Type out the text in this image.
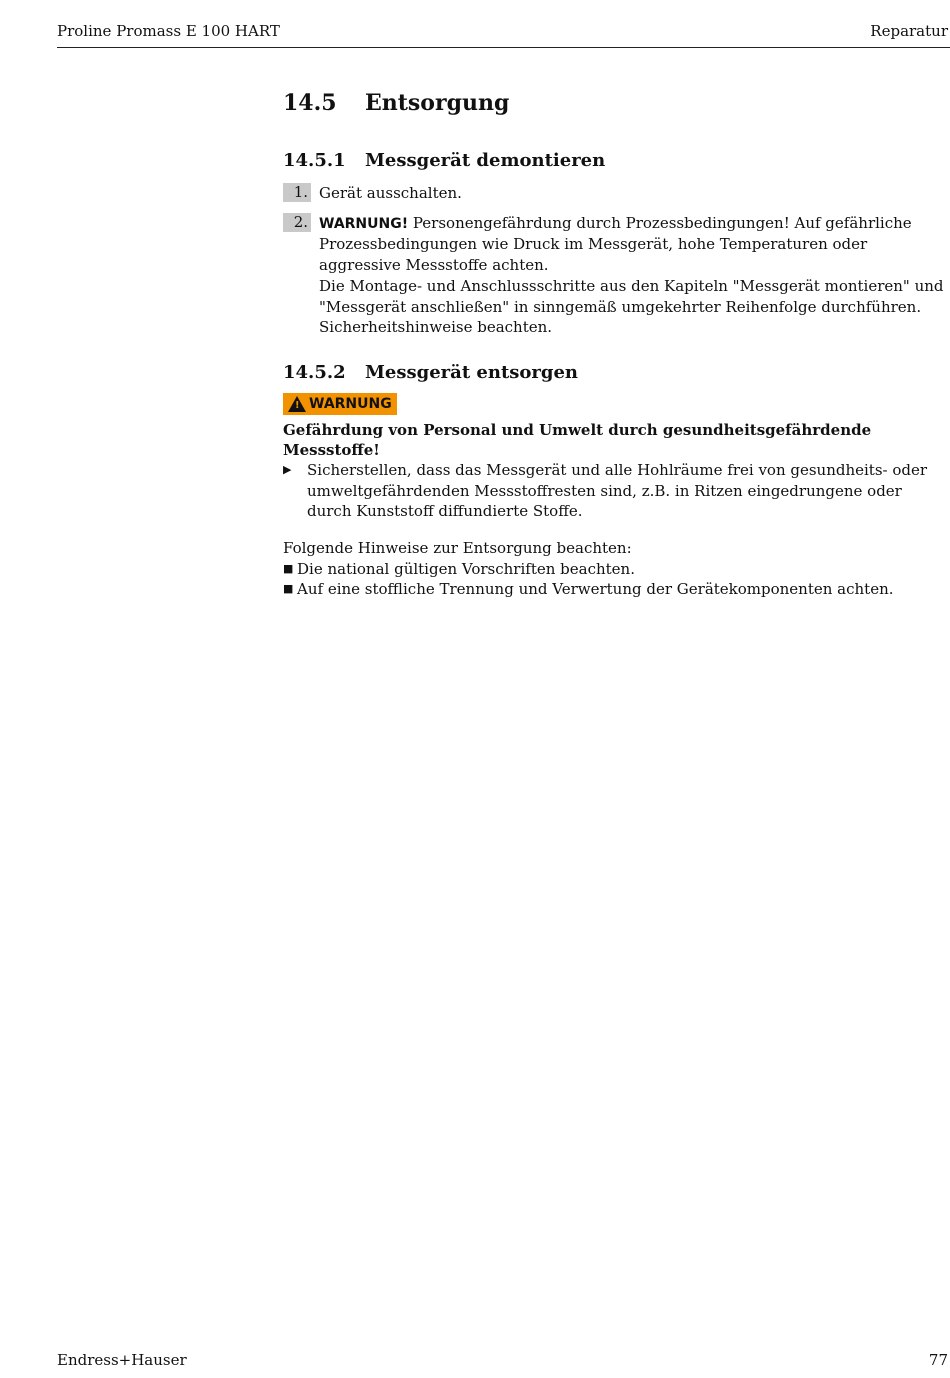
Proline Promass E 100 HART	Reparatur
14.5	Entsorgung
14.5.1	Messgerät demontieren
1. Gerät ausschalten.
2. WARNUNG! Personengefährdung durch Prozessbedingungen! Auf gefährliche Prozessbedingungen wie Druck im Messgerät, hohe Temperaturen oder aggressive Messstoffe achten.
Die Montage- und Anschlussschritte aus den Kapiteln "Messgerät montieren" und "Messgerät anschließen" in sinngemäß umgekehrter Reihenfolge durchführen. Sicherheitshinweise beachten.
14.5.2	Messgerät entsorgen
! WARNUNG
Gefährdung von Personal und Umwelt durch gesundheitsgefährdende Messstoffe!
▶	Sicherstellen, dass das Messgerät und alle Hohlräume frei von gesundheits- oder umweltgefährdenden Messstoffresten sind, z.B. in Ritzen eingedrungene oder durch Kunststoff diffundierte Stoffe.
Folgende Hinweise zur Entsorgung beachten:
■ Die national gültigen Vorschriften beachten.
■ Auf eine stoffliche Trennung und Verwertung der Gerätekomponenten achten.
Endress+Hauser	77
